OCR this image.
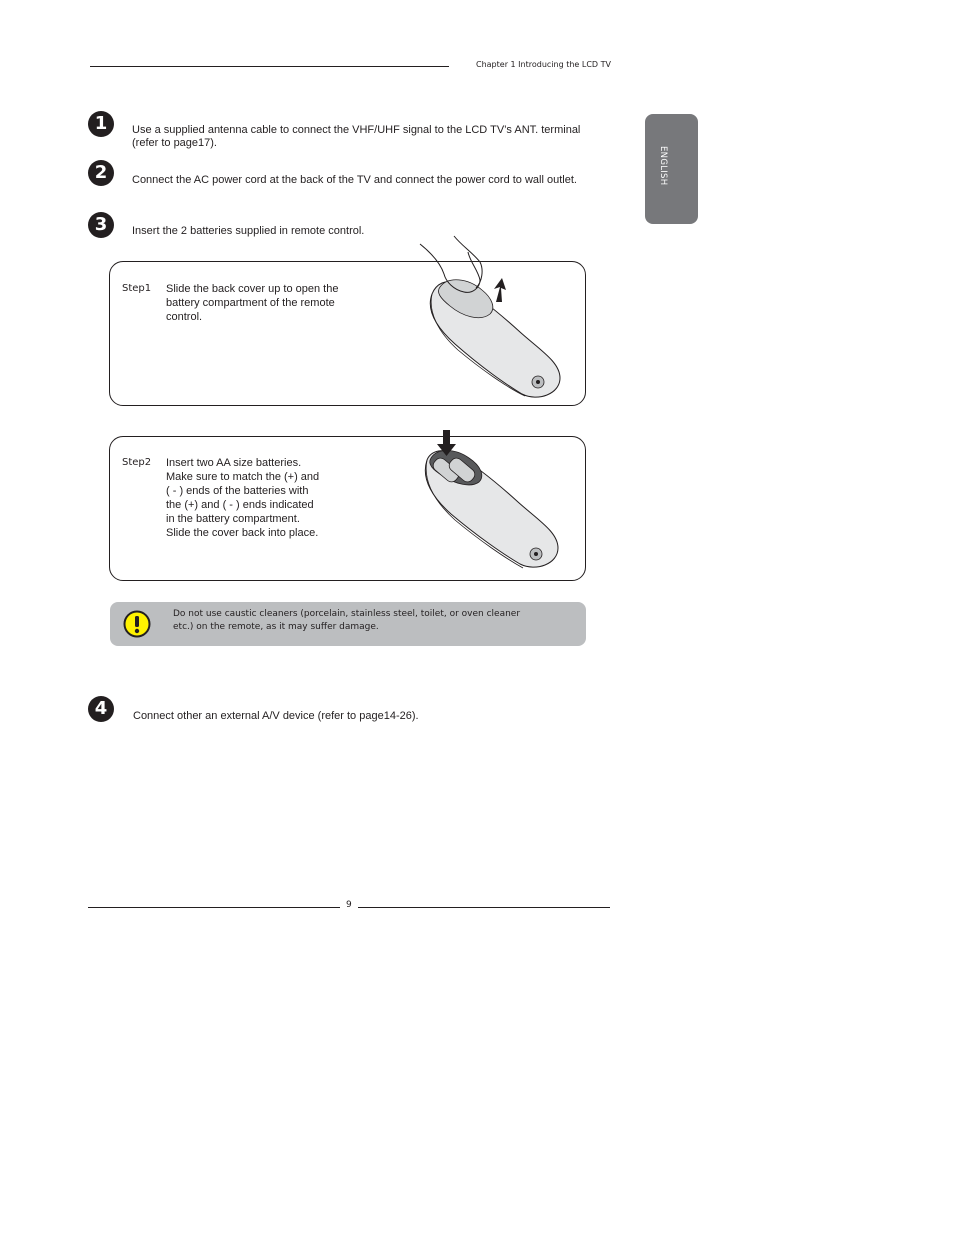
Chapter 1 Introducing the LCD TV
ENGLISH
1	Use a supplied antenna cable to connect the VHF/UHF signal to the LCD TV’s ANT. terminal
(refer to page17).
2	Connect the AC power cord at the back of the TV and connect the power cord to wall outlet.
3	Insert the 2 batteries supplied in remote control.
Step1 Slide the back cover up to open the
battery compartment of the remote
control.
Step2 Insert two AA size batteries.
Make sure to match the (+) and
( - ) ends of the batteries with
the (+) and ( - ) ends indicated
in the battery compartment.
Slide the cover back into place.
Do not use caustic cleaners (porcelain, stainless steel, toilet, or oven cleaner
etc.) on the remote, as it may suffer damage.
4	Connect other an external A/V device (refer to page14-26).
9
